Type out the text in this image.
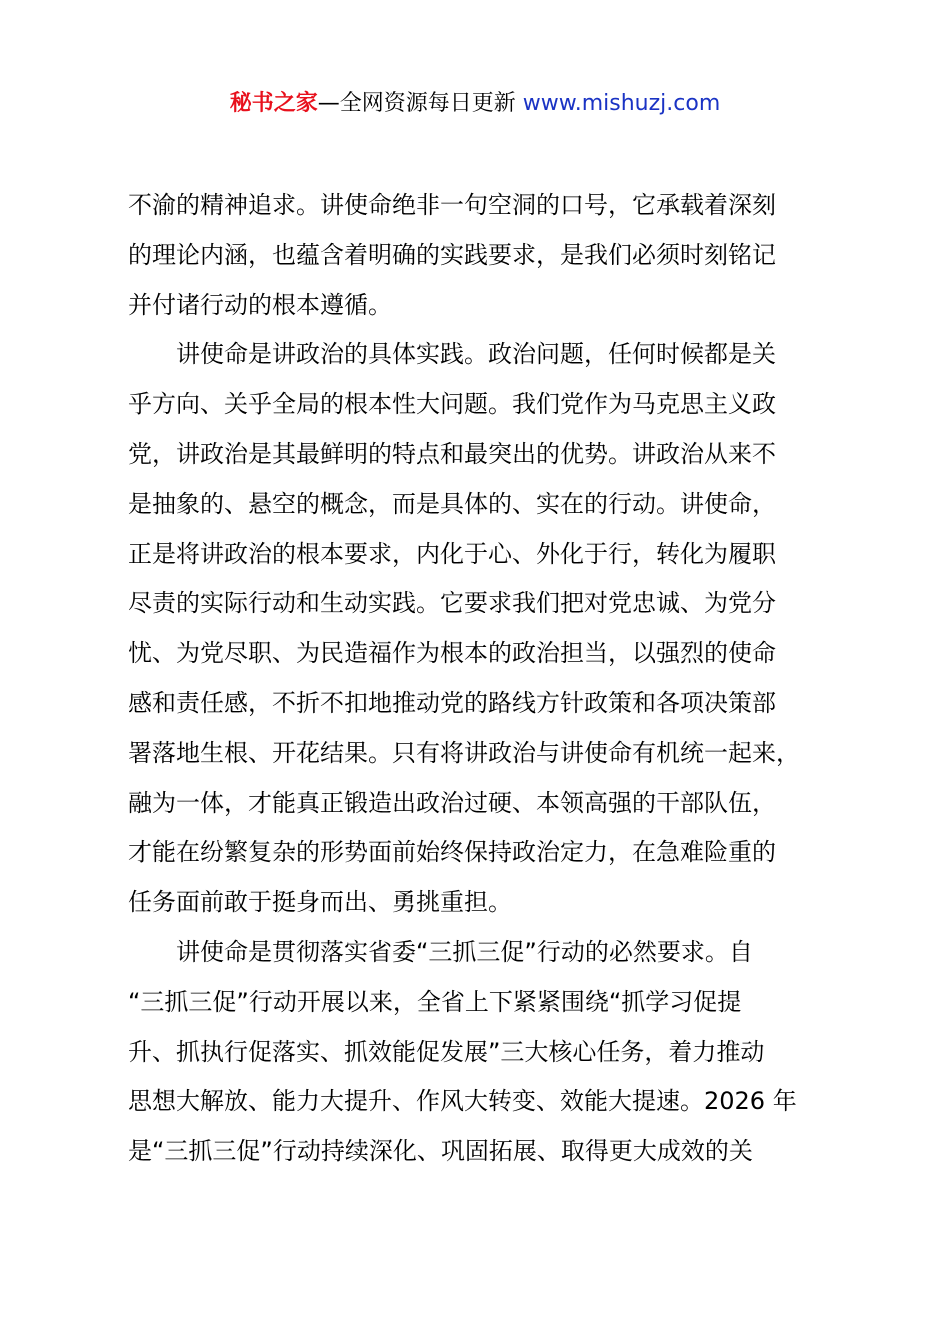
秘书之家—全网资源每日更新 www.mishuzj.com
不渝的精神追求。讲使命绝非一句空洞的口号，它承载着深刻
的理论内涵，也蕴含着明确的实践要求，是我们必须时刻铭记
并付诸行动的根本遵循。
　　讲使命是讲政治的具体实践。政治问题，任何时候都是关
乎方向、关乎全局的根本性大问题。我们党作为马克思主义政
党，讲政治是其最鲜明的特点和最突出的优势。讲政治从来不
是抽象的、悬空的概念，而是具体的、实在的行动。讲使命，
正是将讲政治的根本要求，内化于心、外化于行，转化为履职
尽责的实际行动和生动实践。它要求我们把对党忠诚、为党分
忧、为党尽职、为民造福作为根本的政治担当，以强烈的使命
感和责任感，不折不扣地推动党的路线方针政策和各项决策部
署落地生根、开花结果。只有将讲政治与讲使命有机统一起来，
融为一体，才能真正锻造出政治过硬、本领高强的干部队伍，
才能在纷繁复杂的形势面前始终保持政治定力，在急难险重的
任务面前敢于挺身而出、勇挑重担。
　　讲使命是贯彻落实省委“三抓三促”行动的必然要求。自
“三抓三促”行动开展以来，全省上下紧紧围绕“抓学习促提
升、抓执行促落实、抓效能促发展”三大核心任务，着力推动
思想大解放、能力大提升、作风大转变、效能大提速。2026 年
是“三抓三促”行动持续深化、巩固拓展、取得更大成效的关
